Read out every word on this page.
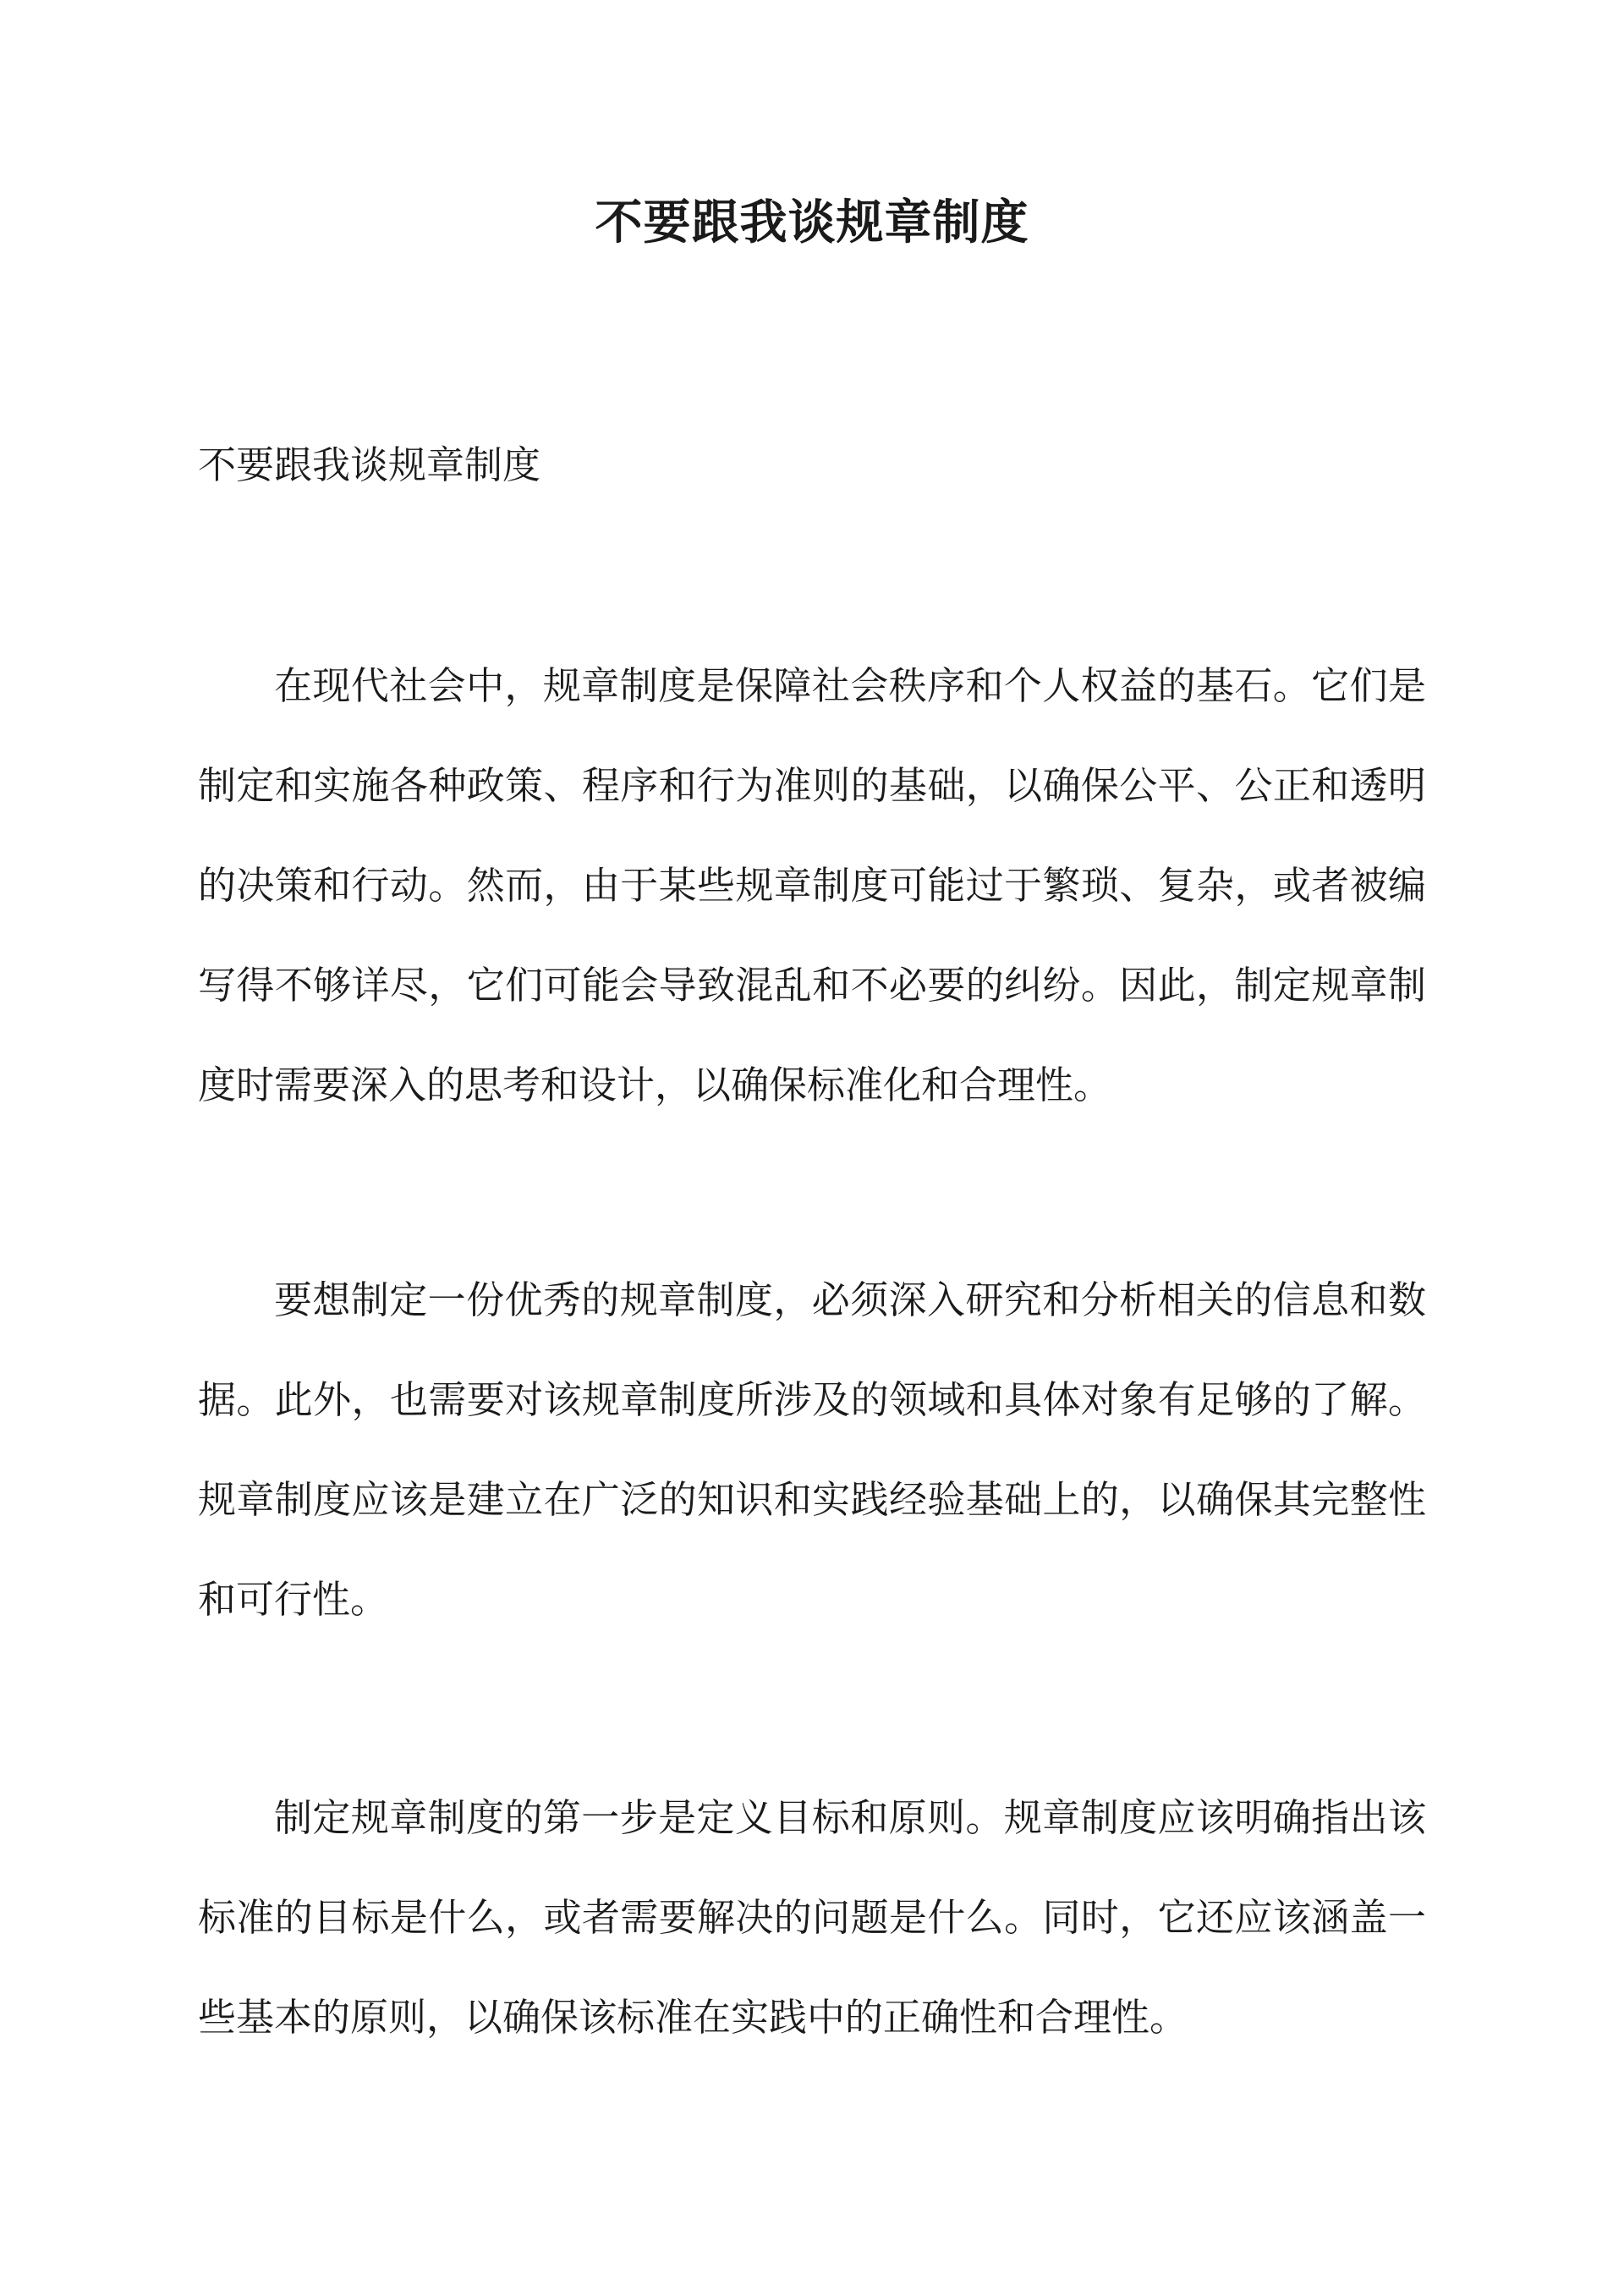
不要跟我谈规章制度

不要跟我谈规章制度

在现代社会中，规章制度是保障社会秩序和个人权益的基石。它们是制定和实施各种政策、程序和行为准则的基础，以确保公平、公正和透明的决策和行动。然而，由于某些规章制度可能过于繁琐、复杂，或者被编写得不够详尽，它们可能会导致混乱和不必要的纠纷。因此，制定规章制度时需要深入的思考和设计，以确保标准化和合理性。

要想制定一份优秀的规章制度，必须深入研究和分析相关的信息和数据。此外，也需要对该规章制度所涉及的领域和具体对象有足够的了解。规章制度应该是建立在广泛的知识和实践经验基础上的，以确保其完整性和可行性。

制定规章制度的第一步是定义目标和原则。规章制度应该明确指出该标准的目标是什么，或者需要解决的问题是什么。同时，它还应该涵盖一些基本的原则，以确保该标准在实践中的正确性和合理性。
